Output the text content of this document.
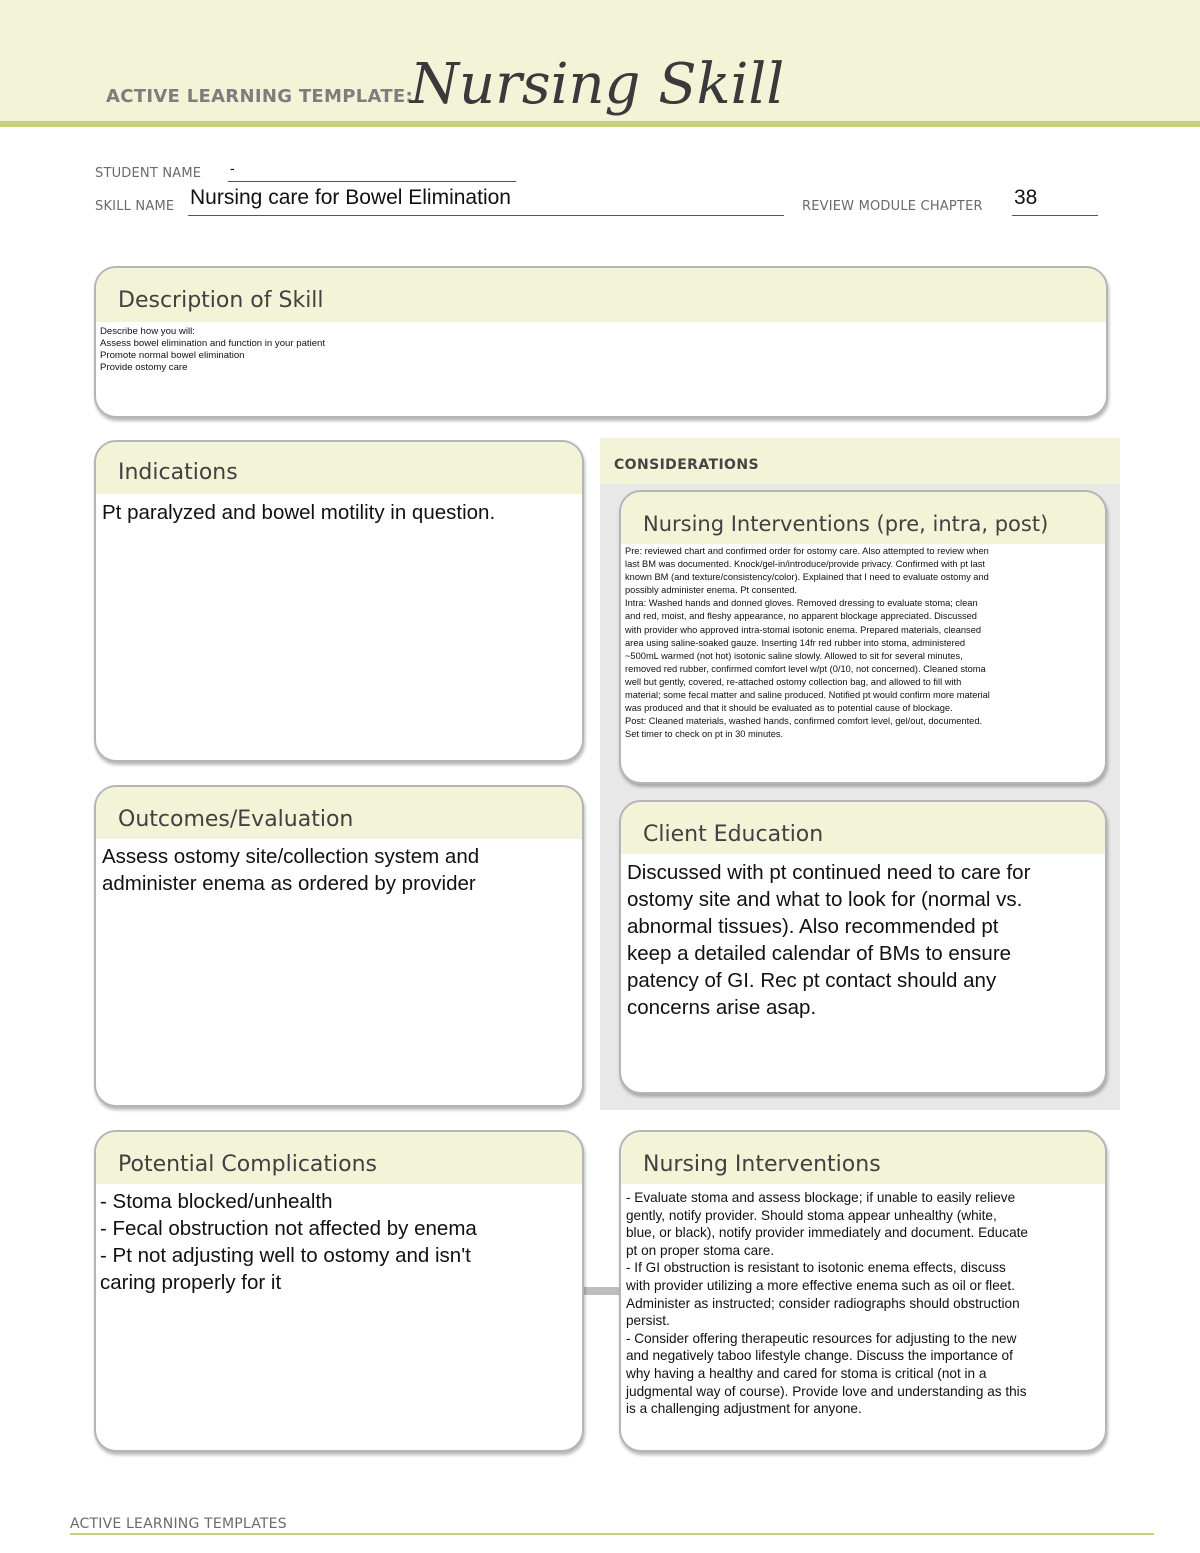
ACTIVE LEARNING TEMPLATE:
Nursing Skill
STUDENT NAME -
SKILL NAME Nursing care for Bowel Elimination	REVIEW MODULE CHAPTER 38
Description of Skill
Describe how you will:
Assess bowel elimination and function in your patient
Promote normal bowel elimination
Provide ostomy care
Indications
Pt paralyzed and bowel motility in question.
CONSIDERATIONS
Nursing Interventions (pre, intra, post)
Pre: reviewed chart and confirmed order for ostomy care. Also attempted to review when
last BM was documented. Knock/gel-in/introduce/provide privacy. Confirmed with pt last
known BM (and texture/consistency/color). Explained that I need to evaluate ostomy and
possibly administer enema. Pt consented.
Intra: Washed hands and donned gloves. Removed dressing to evaluate stoma; clean
and red, moist, and fleshy appearance, no apparent blockage appreciated. Discussed
with provider who approved intra-stomal isotonic enema. Prepared materials, cleansed
area using saline-soaked gauze. Inserting 14fr red rubber into stoma, administered
~500mL warmed (not hot) isotonic saline slowly. Allowed to sit for several minutes,
removed red rubber, confirmed comfort level w/pt (0/10, not concerned). Cleaned stoma
well but gently, covered, re-attached ostomy collection bag, and allowed to fill with
material; some fecal matter and saline produced. Notified pt would confirm more material
was produced and that it should be evaluated as to potential cause of blockage.
Post: Cleaned materials, washed hands, confirmed comfort level, gel/out, documented.
Set timer to check on pt in 30 minutes.
Outcomes/Evaluation
Assess ostomy site/collection system and
administer enema as ordered by provider
Client Education
Discussed with pt continued need to care for
ostomy site and what to look for (normal vs.
abnormal tissues). Also recommended pt
keep a detailed calendar of BMs to ensure
patency of GI. Rec pt contact should any
concerns arise asap.
Potential Complications
- Stoma blocked/unhealth
- Fecal obstruction not affected by enema
- Pt not adjusting well to ostomy and isn't
caring properly for it
Nursing Interventions
- Evaluate stoma and assess blockage; if unable to easily relieve
gently, notify provider. Should stoma appear unhealthy (white,
blue, or black), notify provider immediately and document. Educate
pt on proper stoma care.
- If GI obstruction is resistant to isotonic enema effects, discuss
with provider utilizing a more effective enema such as oil or fleet.
Administer as instructed; consider radiographs should obstruction
persist.
- Consider offering therapeutic resources for adjusting to the new
and negatively taboo lifestyle change. Discuss the importance of
why having a healthy and cared for stoma is critical (not in a
judgmental way of course). Provide love and understanding as this
is a challenging adjustment for anyone.
ACTIVE LEARNING TEMPLATES
